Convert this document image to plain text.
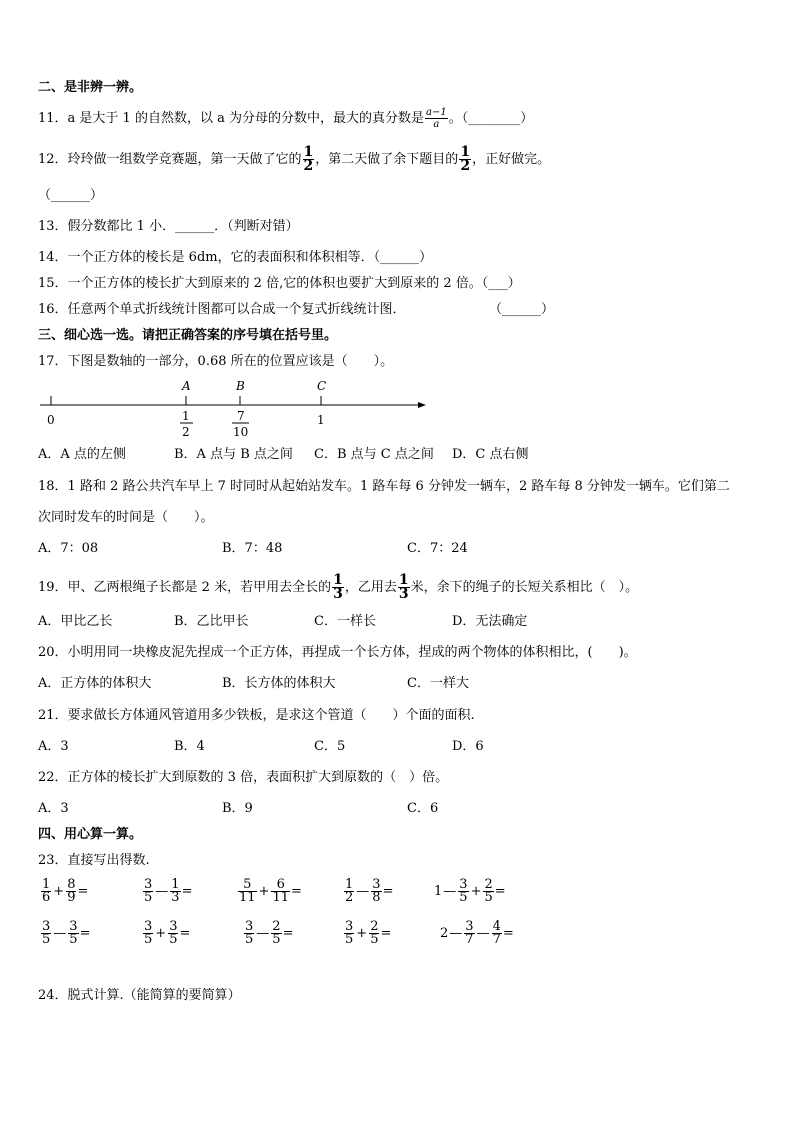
二、是非辨一辨。
11．a 是大于 1 的自然数，以 a 为分母的分数中，最大的真分数是 $\frac{a-1}{a}$ 。（________）
12．玲玲做一组数学竞赛题，第一天做了它的 $\frac{1}{2}$ ，第二天做了余下题目的 $\frac{1}{2}$ ，正好做完。
（______）
13．假分数都比 1 小．______．（判断对错）
14．一个正方体的棱长是 6dm，它的表面积和体积相等．（______）
15．一个正方体的棱长扩大到原来的 2 倍,它的体积也要扩大到原来的 2 倍。（___）
16．任意两个单式折线统计图都可以合成一个复式折线统计图．	（______）
三、细心选一选。请把正确答案的序号填在括号里。
17．下图是数轴的一部分，0.68 所在的位置应该是（　　）。
A	B	C
0	1
2
7
10
1
A．A 点的左侧	B．A 点与 B 点之间 C．B 点与 C 点之间 D．C 点右侧
18．1 路和 2 路公共汽车早上 7 时同时从起始站发车。1 路车每 6 分钟发一辆车，2 路车每 8 分钟发一辆车。它们第二
次同时发车的时间是（　　）。
A．7：08	B．7：48	C．7：24
19．甲、乙两根绳子长都是 2 米，若甲用去全长的 $\frac{1}{3}$ ，乙用去 $\frac{1}{3}$ 米，余下的绳子的长短关系相比（　）。
A．甲比乙长	B．乙比甲长	C．一样长	D．无法确定
20．小明用同一块橡皮泥先捏成一个正方体，再捏成一个长方体，捏成的两个物体的体积相比，(　　)。
A．正方体的体积大	B．长方体的体积大	C．一样大
21．要求做长方体通风管道用多少铁板，是求这个管道（　　）个面的面积.
A．3	B．4	C．5	D．6
22．正方体的棱长扩大到原数的 3 倍，表面积扩大到原数的（　）倍。
A．3	B．9	C．6
四、用心算一算。
23．直接写出得数.
$\frac{1}{6} + \frac{8}{9}$ =	$\frac{3}{5}$ — $\frac{1}{3}$ =	$\frac{5}{11} + \frac{6}{11}$ =	$\frac{1}{2}$ — $\frac{3}{8}$ =	1 — $\frac{3}{5} + \frac{2}{5}$ =
$\frac{3}{5}$ — $\frac{3}{5}$ =	$\frac{3}{5} + \frac{3}{5}$ =	$\frac{3}{5}$ — $\frac{2}{5}$ =	$\frac{3}{5} + \frac{2}{5}$ =	2 — $\frac{3}{7}$ — $\frac{4}{7}$ =
24．脱式计算.（能简算的要简算）
